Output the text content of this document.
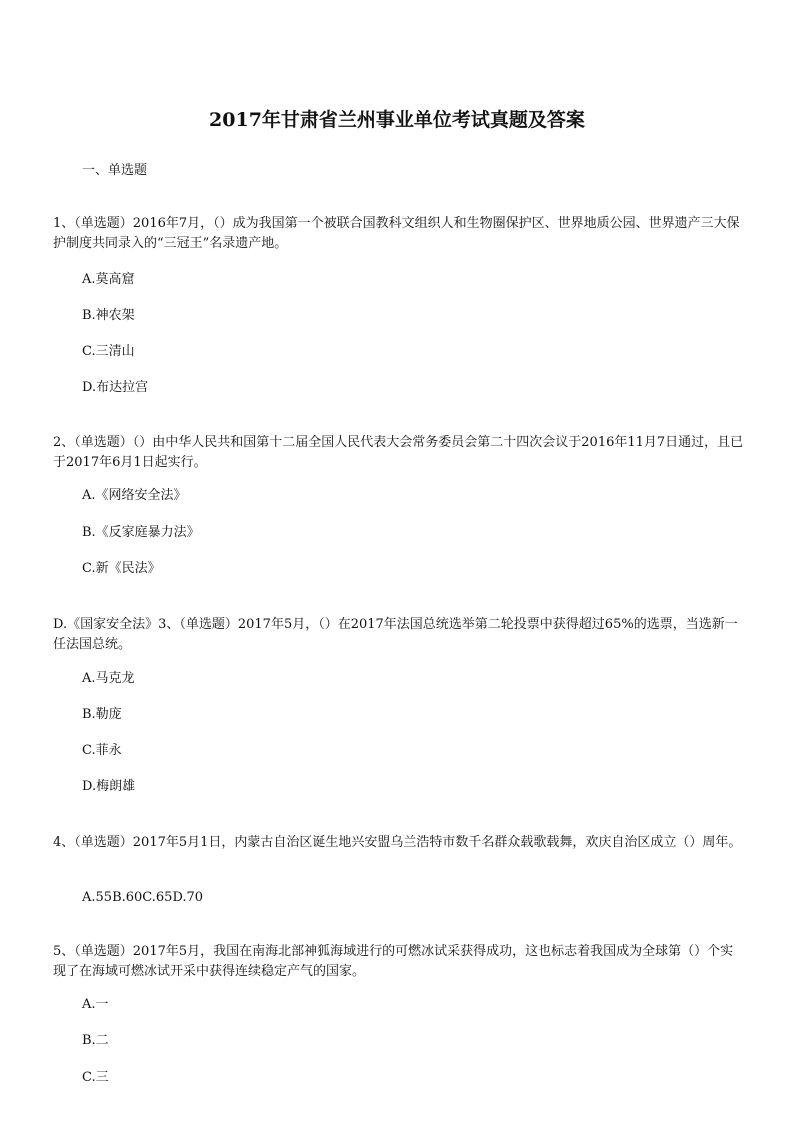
2017年甘肃省兰州事业单位考试真题及答案
一、单选题
1、（单选题）2016年7月，（）成为我国第一个被联合国教科文组织人和生物圈保护区、世界地质公园、世界遗产三大保护制度共同录入的“三冠王”名录遗产地。
A.莫高窟
B.神农架
C.三清山
D.布达拉宫
2、（单选题）（）由中华人民共和国第十二届全国人民代表大会常务委员会第二十四次会议于2016年11月7日通过，且已于2017年6月1日起实行。
A.《网络安全法》
B.《反家庭暴力法》
C.新《民法》
D.《国家安全法》3、（单选题）2017年5月，（）在2017年法国总统选举第二轮投票中获得超过65%的选票，当选新一任法国总统。
A.马克龙
B.勒庞
C.菲永
D.梅朗雄
4、（单选题）2017年5月1日，内蒙古自治区诞生地兴安盟乌兰浩特市数千名群众载歌载舞，欢庆自治区成立（）周年。
A.55B.60C.65D.70
5、（单选题）2017年5月，我国在南海北部神狐海域进行的可燃冰试采获得成功，这也标志着我国成为全球第（）个实现了在海域可燃冰试开采中获得连续稳定产气的国家。
A.一
B.二
C.三
